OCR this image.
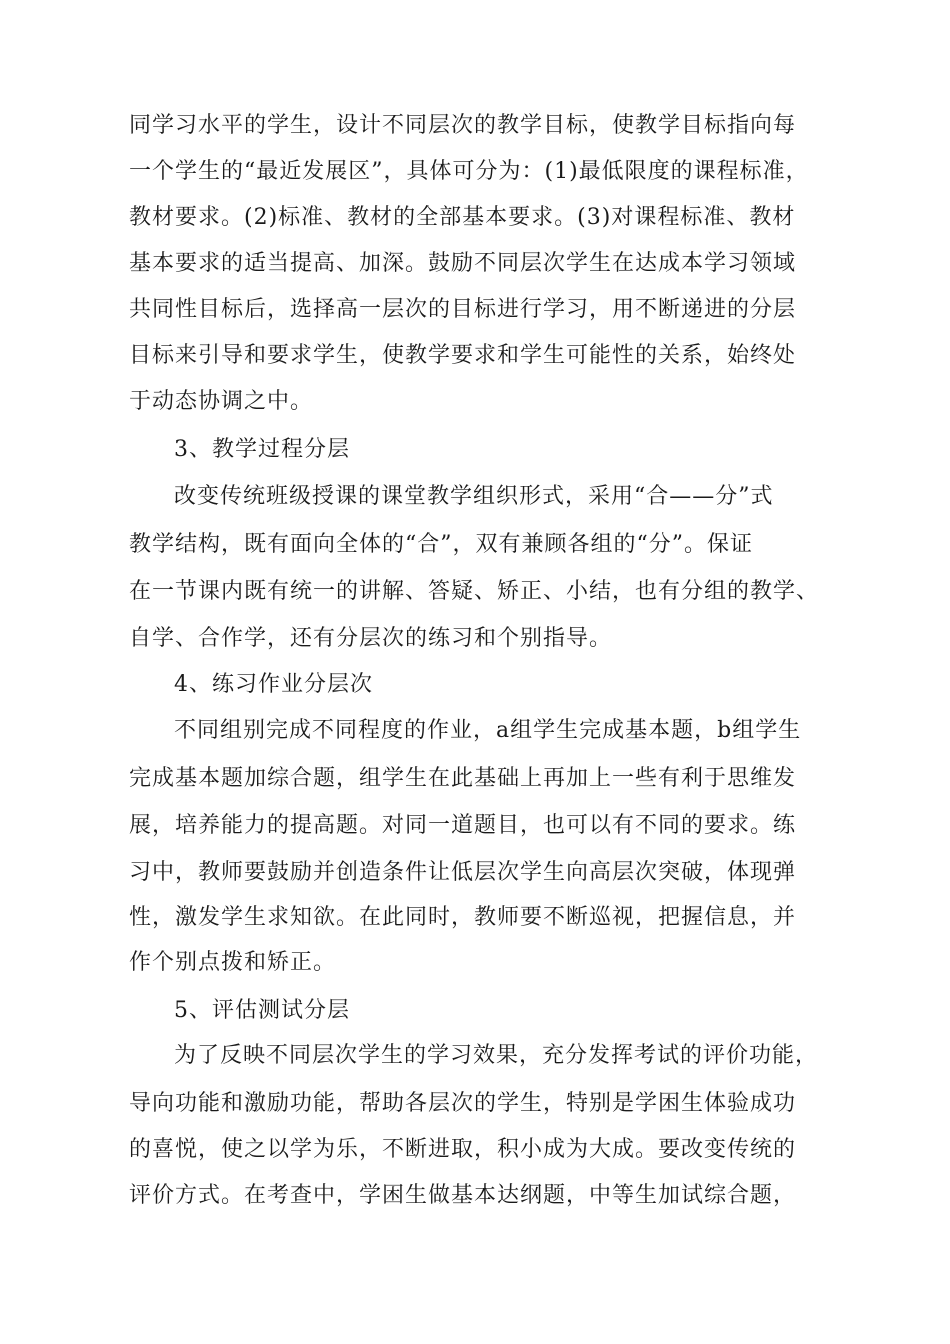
同学习水平的学生，设计不同层次的教学目标，使教学目标指向每
一个学生的“最近发展区”，具体可分为：(1)最低限度的课程标准，
教材要求。(2)标准、教材的全部基本要求。(3)对课程标准、教材
基本要求的适当提高、加深。鼓励不同层次学生在达成本学习领域
共同性目标后，选择高一层次的目标进行学习，用不断递进的分层
目标来引导和要求学生，使教学要求和学生可能性的关系，始终处
于动态协调之中。
3、教学过程分层
改变传统班级授课的课堂教学组织形式，采用“合——分”式
教学结构，既有面向全体的“合”，双有兼顾各组的“分”。保证
在一节课内既有统一的讲解、答疑、矫正、小结，也有分组的教学、
自学、合作学，还有分层次的练习和个别指导。
4、练习作业分层次
不同组别完成不同程度的作业，a组学生完成基本题，b组学生
完成基本题加综合题，组学生在此基础上再加上一些有利于思维发
展，培养能力的提高题。对同一道题目，也可以有不同的要求。练
习中，教师要鼓励并创造条件让低层次学生向高层次突破，体现弹
性，激发学生求知欲。在此同时，教师要不断巡视，把握信息，并
作个别点拨和矫正。
5、评估测试分层
为了反映不同层次学生的学习效果，充分发挥考试的评价功能，
导向功能和激励功能，帮助各层次的学生，特别是学困生体验成功
的喜悦，使之以学为乐，不断进取，积小成为大成。要改变传统的
评价方式。在考查中，学困生做基本达纲题，中等生加试综合题，
